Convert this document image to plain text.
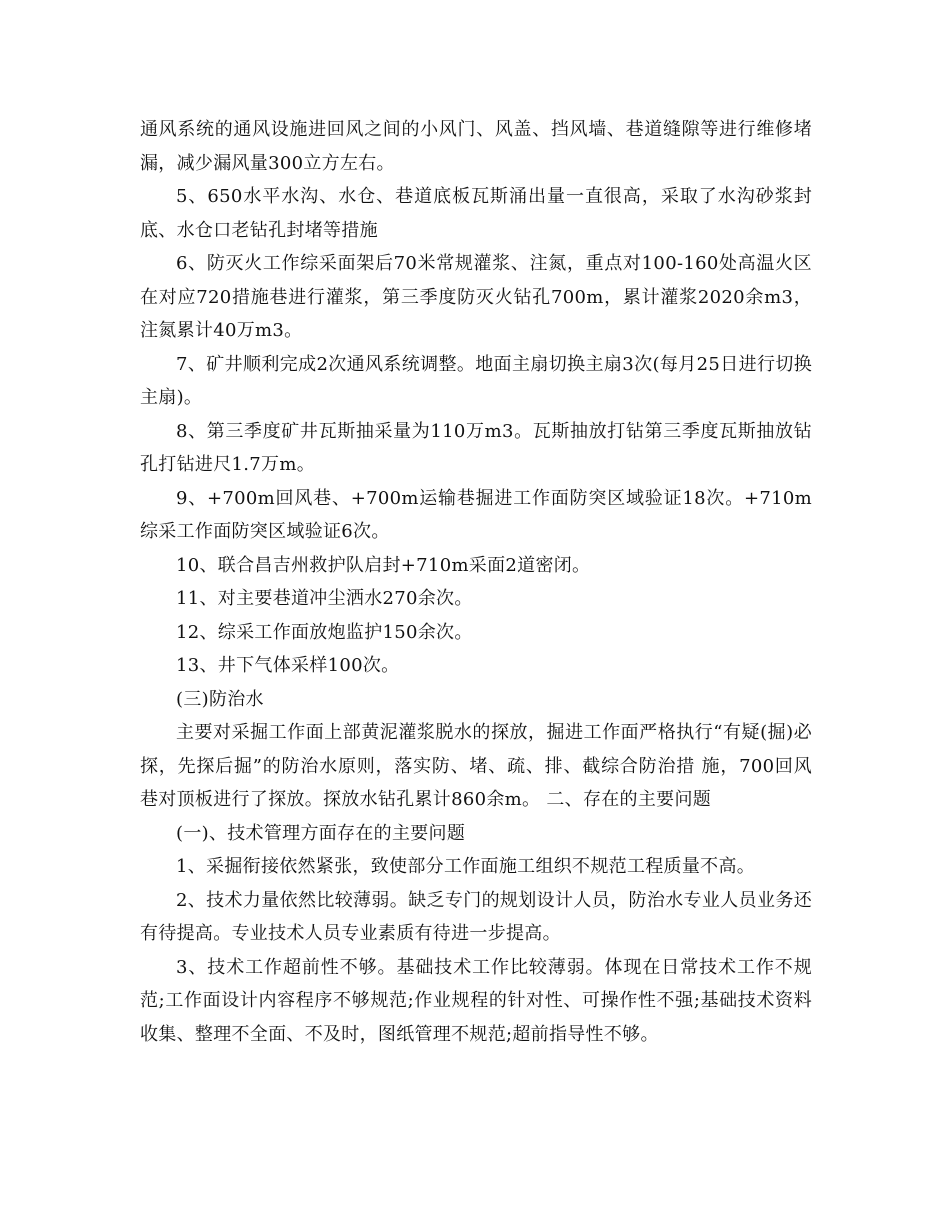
通风系统的通风设施进回风之间的小风门、风盖、挡风墙、巷道缝隙等进行维修堵漏，减少漏风量300立方左右。

5、650水平水沟、水仓、巷道底板瓦斯涌出量一直很高，采取了水沟砂浆封底、水仓口老钻孔封堵等措施

6、防灭火工作综采面架后70米常规灌浆、注氮，重点对100-160处高温火区在对应720措施巷进行灌浆，第三季度防灭火钻孔700m，累计灌浆2020余m3，注氮累计40万m3。

7、矿井顺利完成2次通风系统调整。地面主扇切换主扇3次(每月25日进行切换主扇)。

8、第三季度矿井瓦斯抽采量为110万m3。瓦斯抽放打钻第三季度瓦斯抽放钻孔打钻进尺1.7万m。

9、+700m回风巷、+700m运输巷掘进工作面防突区域验证18次。+710m综采工作面防突区域验证6次。

10、联合昌吉州救护队启封+710m采面2道密闭。

11、对主要巷道冲尘洒水270余次。

12、综采工作面放炮监护150余次。

13、井下气体采样100次。

(三)防治水

主要对采掘工作面上部黄泥灌浆脱水的探放，掘进工作面严格执行“有疑(掘)必探，先探后掘”的防治水原则，落实防、堵、疏、排、截综合防治措 施，700回风巷对顶板进行了探放。探放水钻孔累计860余m。 二、存在的主要问题

(一)、技术管理方面存在的主要问题

1、采掘衔接依然紧张，致使部分工作面施工组织不规范工程质量不高。

2、技术力量依然比较薄弱。缺乏专门的规划设计人员，防治水专业人员业务还有待提高。专业技术人员专业素质有待进一步提高。

3、技术工作超前性不够。基础技术工作比较薄弱。体现在日常技术工作不规范;工作面设计内容程序不够规范;作业规程的针对性、可操作性不强;基础技术资料收集、整理不全面、不及时，图纸管理不规范;超前指导性不够。
